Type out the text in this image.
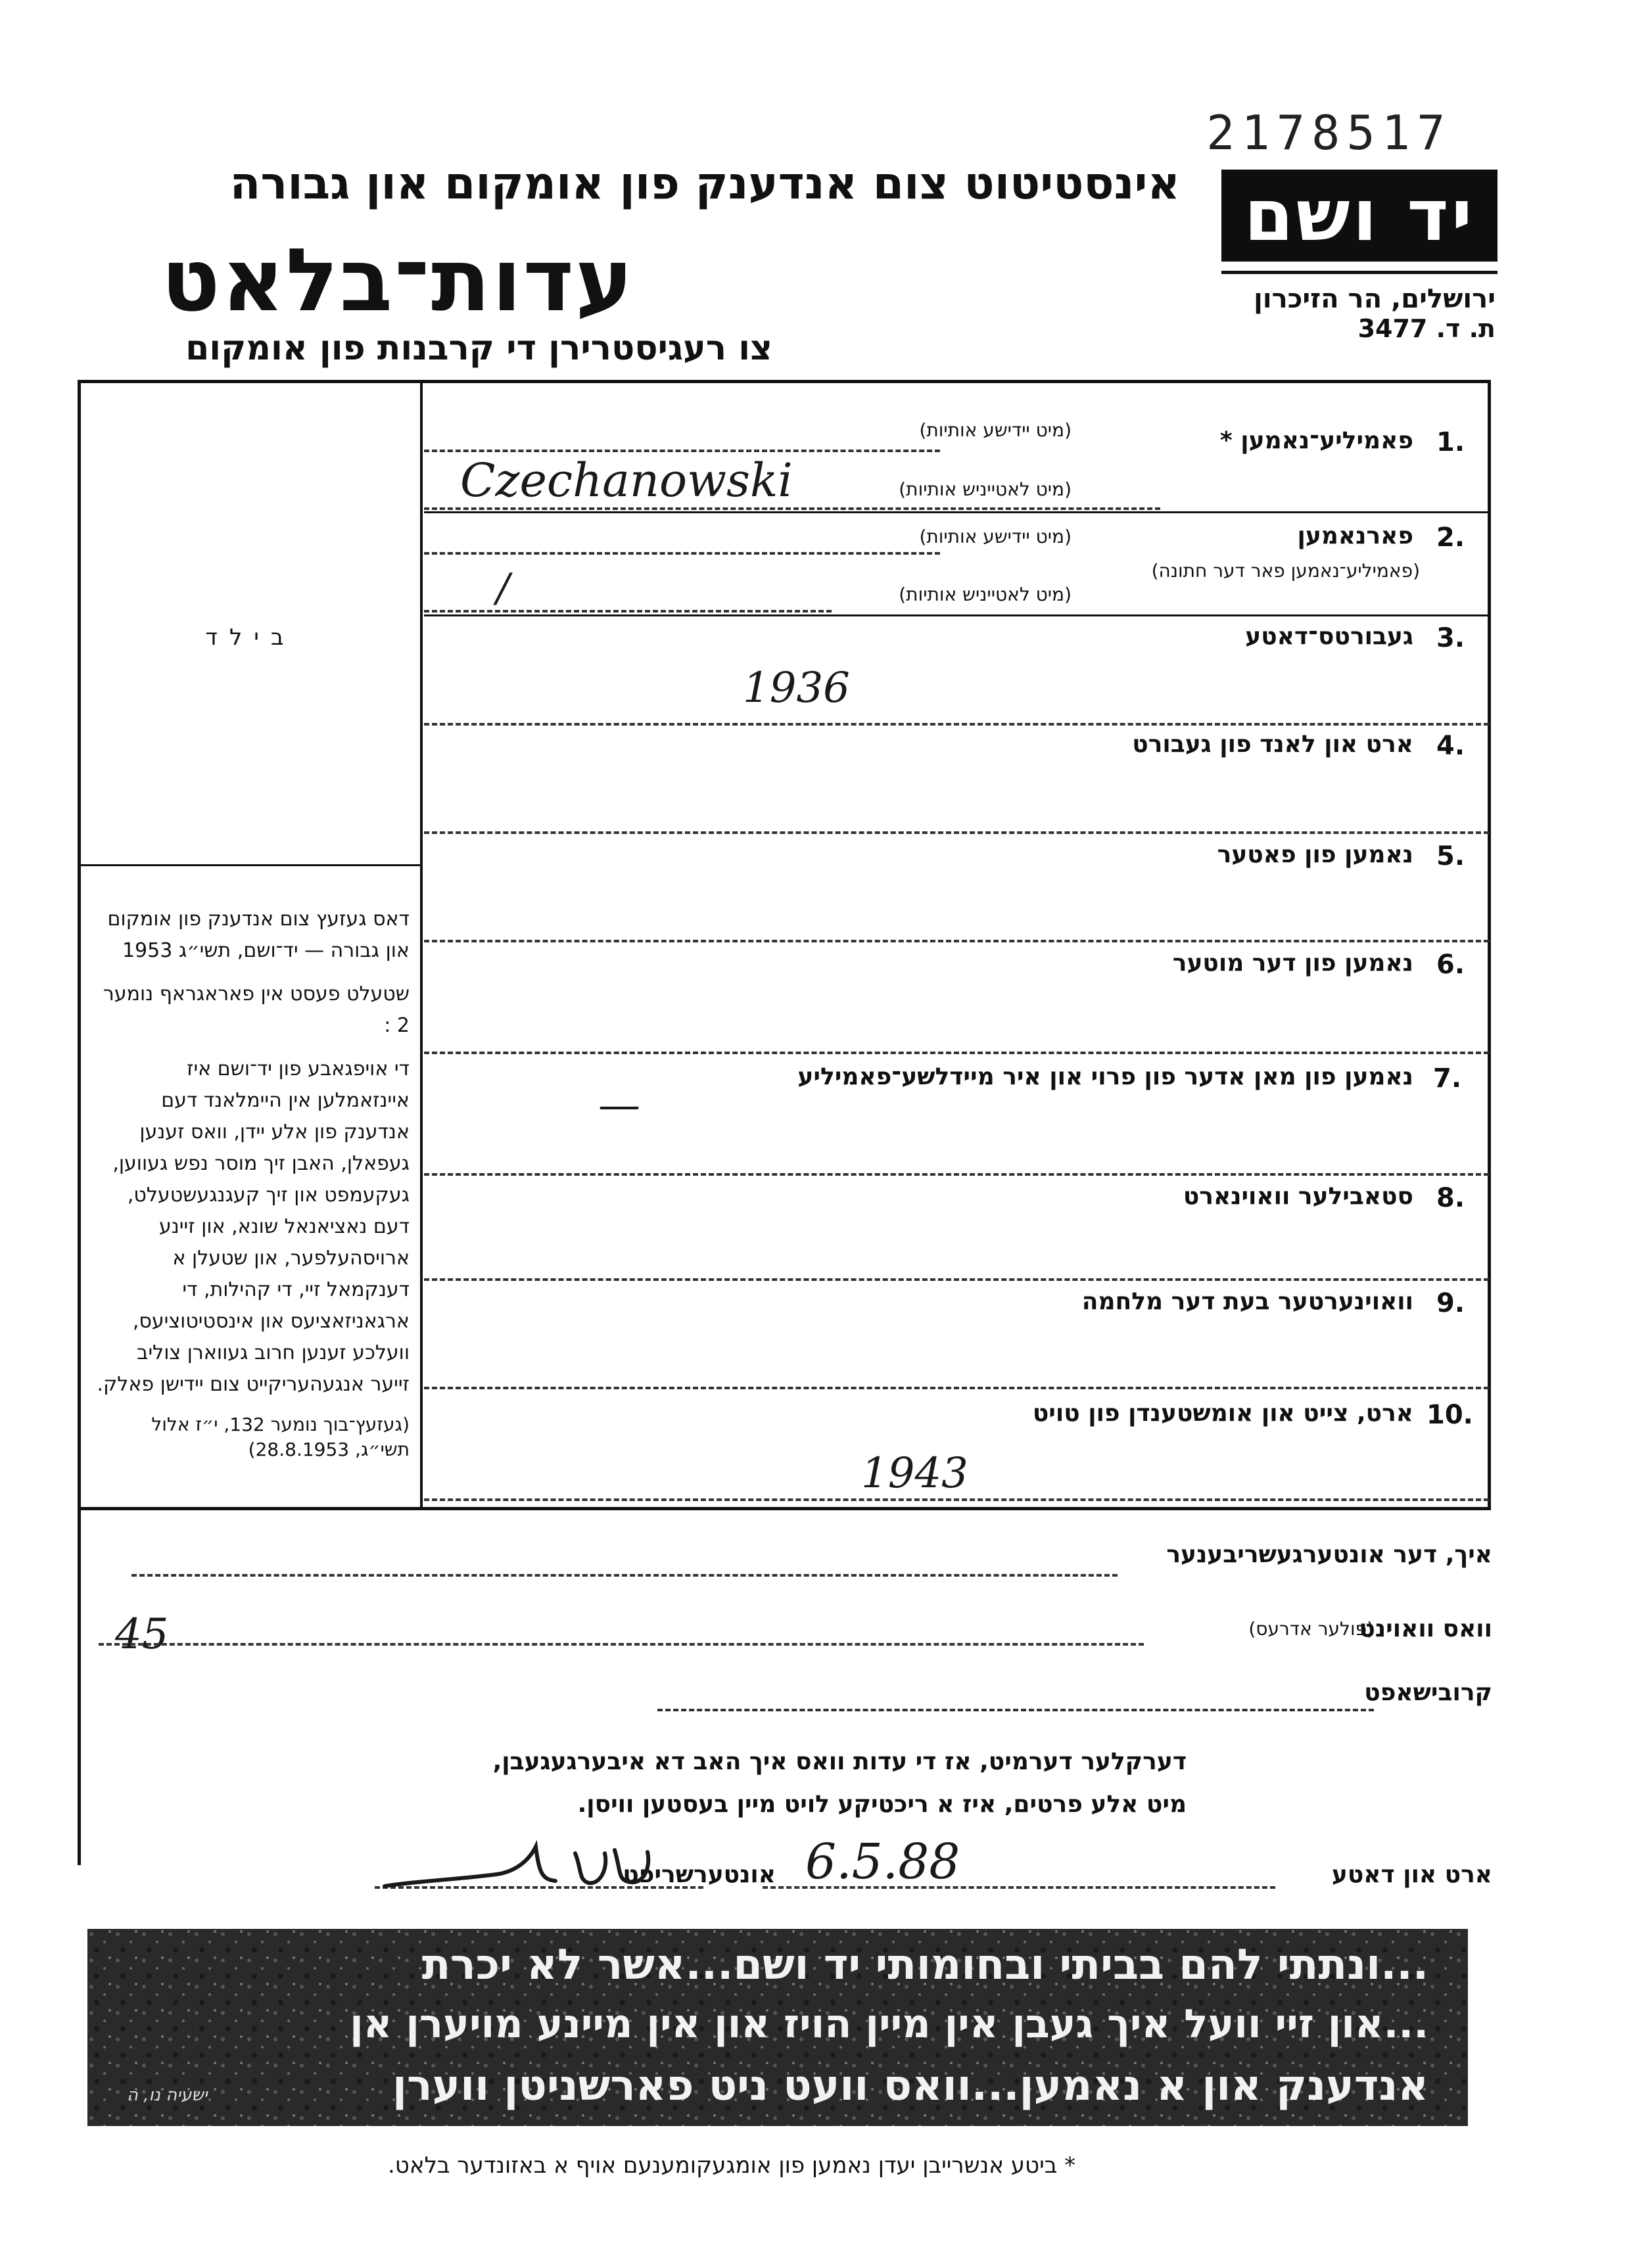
2178517
יד ושם
ירושלים, הר הזיכרון
ת. ד. 3477
אינסטיטוט צום אנדענק פון אומקום און גבורה
עדות־בלאט
צו רעגיסטרירן די קרבנות פון אומקום
בילד

דאס געזעץ צום אנדענק פון אומקום און גבורה — יד־ושם, תשי״ג 1953

שטעלט פעסט אין פאראגראף נומער 2 :

די אויפגאבע פון יד־ושם איז איינזאמלען אין היימלאנד דעם אנדענק פון אלע יידן, וואס זענען געפאלן, האבן זיך מוסר נפש געווען, געקעמפט און זיך קעגנגעשטעלט, דעם נאציאנאל שונא, און זיינע ארויסהעלפער, און שטעלן א דענקמאל זיי, די קהילות, די ארגאניזאציעס און אינסטיטוציעס, וועלכע זענען חרוב געווארן צוליב זייער אנגעהעריקייט צום יידישן פאלק.

(געזעץ־בוך נומער 132, י״ז אלול תשי״ג, 28.8.1953)

1.
פאמיליע־נאמען *
(מיט יידישע אותיות)
(מיט לאטייניש אותיות)
Czechanowski
2.
פארנאמען
(פאמיליע־נאמען פאר דער חתונה)
(מיט יידישע אותיות)
(מיט לאטייניש אותיות)
/
3.
געבורטס־דאטע
1936
4.
ארט און לאנד פון געבורט
5.
נאמען פון פאטער
6.
נאמען פון דער מוטער
7.
נאמען פון מאן אדער פון פרוי און איר מיידלשע־פאמיליע
—
8.
סטאבילער וואוינארט
9.
וואוינערטער בעת דער מלחמה
10.
ארט, צייט און אומשטענדן פון טויט
1943
איך, דער אונטערגעשריבענער
וואס וואוינט
(פולער אדרעס)
45
קרובישאפט
דערקלער דערמיט, אז די עדות וואס איך האב דא איבערגעגעבן,
מיט אלע פרטים, איז א ריכטיקע לויט מיין בעסטען וויסן.
ארט און דאטע
6.5.88
אונטערשריפט
...ונתתי להם בביתי ובחומותי יד ושם...אשר לא יכרת
...און זיי וועל איך געבן אין מיין הויז און אין מיינע מויערן אן
אנדענק און א נאמען...וואס וועט ניט פארשניטן ווערן
ישעיה נו, ה
* ביטע אנשרייבן יעדן נאמען פון אומגעקומענעם אויף א באזונדער בלאט.
